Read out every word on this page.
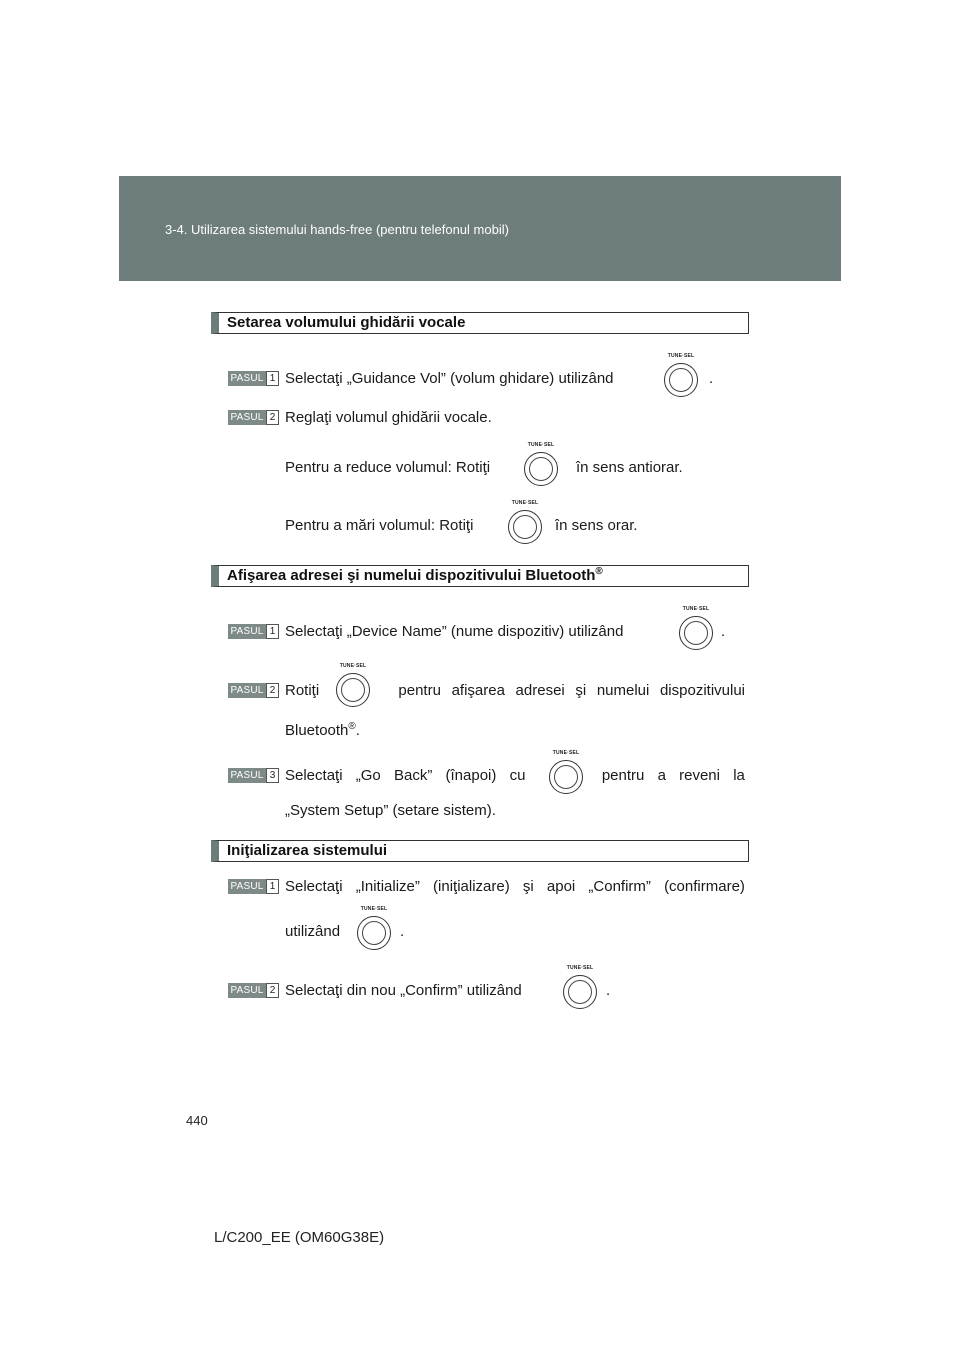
3-4. Utilizarea sistemului hands-free (pentru telefonul mobil)
Setarea volumului ghidării vocale
PASUL 1 Selectaţi „Guidance Vol” (volum ghidare) utilizând
TUNE·SEL
.
PASUL 2 Reglaţi volumul ghidării vocale.
Pentru a reduce volumul: Rotiţi
TUNE·SEL
în sens antiorar.
Pentru a mări volumul: Rotiţi
TUNE·SEL
în sens orar.
Afişarea adresei şi numelui dispozitivului Bluetooth®
PASUL 1 Selectaţi „Device Name” (nume dispozitiv) utilizând
TUNE·SEL
.
PASUL 2 Rotiţi	pentru afişarea adresei şi numelui dispozitivului
TUNE·SEL
Bluetooth®.
PASUL 3 Selectaţi „Go Back” (înapoi) cu	pentru a reveni la
TUNE·SEL
„System Setup” (setare sistem).
Iniţializarea sistemului
PASUL 1 Selectaţi „Initialize” (iniţializare) şi apoi „Confirm” (confirmare)
utilizând
TUNE·SEL
.
PASUL 2 Selectaţi din nou „Confirm” utilizând
TUNE·SEL
.
440
L/C200_EE (OM60G38E)
